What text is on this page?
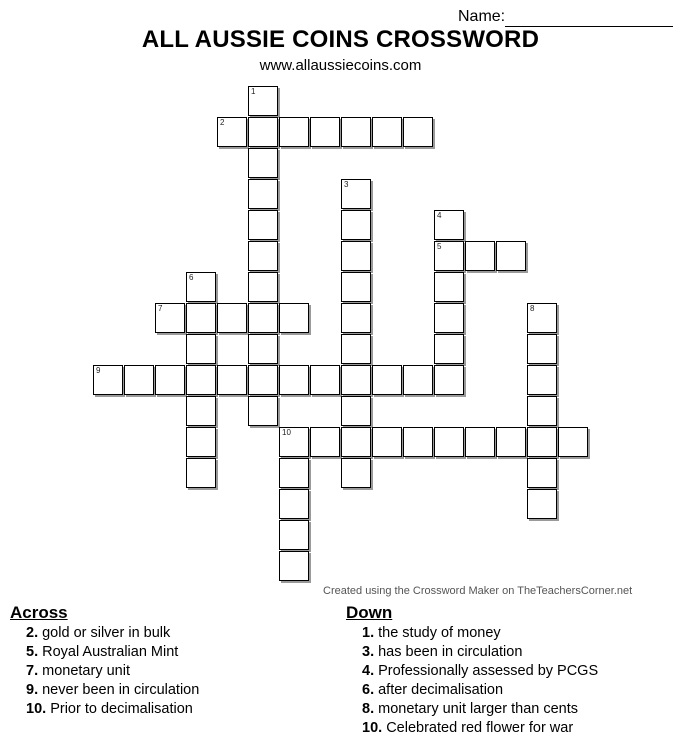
Name:
ALL AUSSIE COINS CROSSWORD
www.allaussiecoins.com
1
2
3
4
5
6
7	8
9
10
Created using the Crossword Maker on TheTeachersCorner.net
Across	Down
2. gold or silver in bulk
5. Royal Australian Mint
7. monetary unit
9. never been in circulation
10. Prior to decimalisation
1. the study of money
3. has been in circulation
4. Professionally assessed by PCGS
6. after decimalisation
8. monetary unit larger than cents
10. Celebrated red flower for war
